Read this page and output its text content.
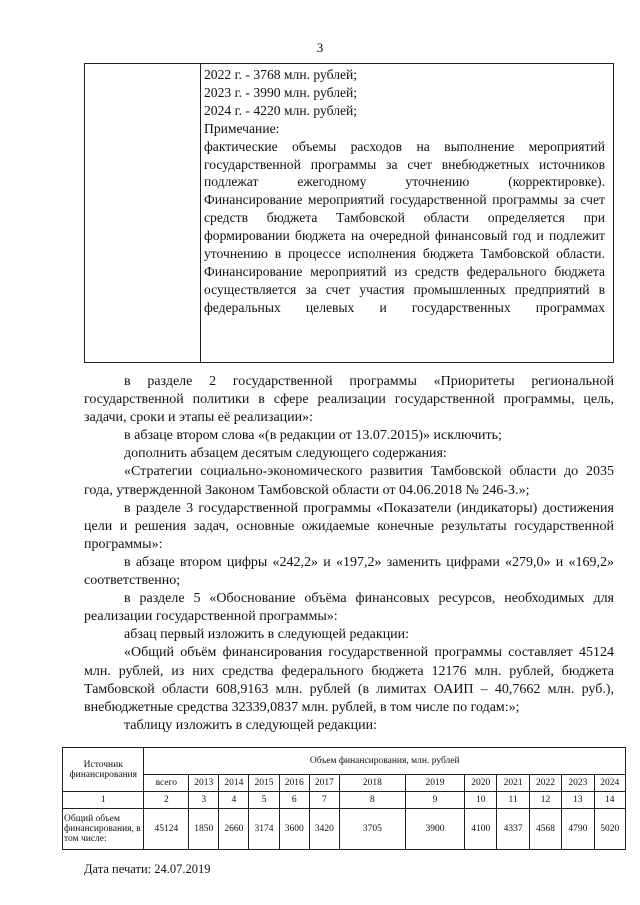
3

2022 г. - 3768 млн. рублей;

2023 г. - 3990 млн. рублей;

2024 г. - 4220 млн. рублей;

Примечание:

фактические объемы расходов на выполнение мероприятий государственной программы за счет внебюджетных источников подлежат ежегодному уточнению (корректировке).

Финансирование мероприятий государственной программы за счет средств бюджета Тамбовской области определяется при формировании бюджета на очередной финансовый год и подлежит уточнению в процессе исполнения бюджета Тамбовской области.

Финансирование мероприятий из средств федерального бюджета осуществляется за счет участия промышленных предприятий в федеральных целевых и государственных программах

в разделе 2 государственной программы «Приоритеты региональной государственной политики в сфере реализации государственной программы, цель, задачи, сроки и этапы её реализации»:

в абзаце втором слова «(в редакции от 13.07.2015)» исключить;

дополнить абзацем десятым следующего содержания:

«Стратегии социально-экономического развития Тамбовской области до 2035 года, утвержденной Законом Тамбовской области от 04.06.2018 № 246-З.»;

в разделе 3 государственной программы «Показатели (индикаторы) достижения цели и решения задач, основные ожидаемые конечные результаты государственной программы»:

в абзаце втором цифры «242,2» и «197,2» заменить цифрами «279,0» и «169,2» соответственно;

в разделе 5 «Обоснование объёма финансовых ресурсов, необходимых для реализации государственной программы»:

абзац первый изложить в следующей редакции:

«Общий объём финансирования государственной программы составляет 45124 млн. рублей, из них средства федерального бюджета 12176 млн. рублей, бюджета Тамбовской области 608,9163 млн. рублей (в лимитах ОАИП – 40,7662 млн. руб.), внебюджетные средства 32339,0837 млн. рублей, в том числе по годам:»;

таблицу изложить в следующей редакции:

Источник финансирования	Объем финансирования, млн. рублей												
	всего	2013	2014	2015	2016	2017	2018	2019	2020	2021	2022	2023	2024
1	2	3	4	5	6	7	8	9	10	11	12	13	14
Общий объем финансирования, в том числе:	45124	1850	2660	3174	3600	3420	3705	3900	4100	4337	4568	4790	5020
Дата печати: 24.07.2019
